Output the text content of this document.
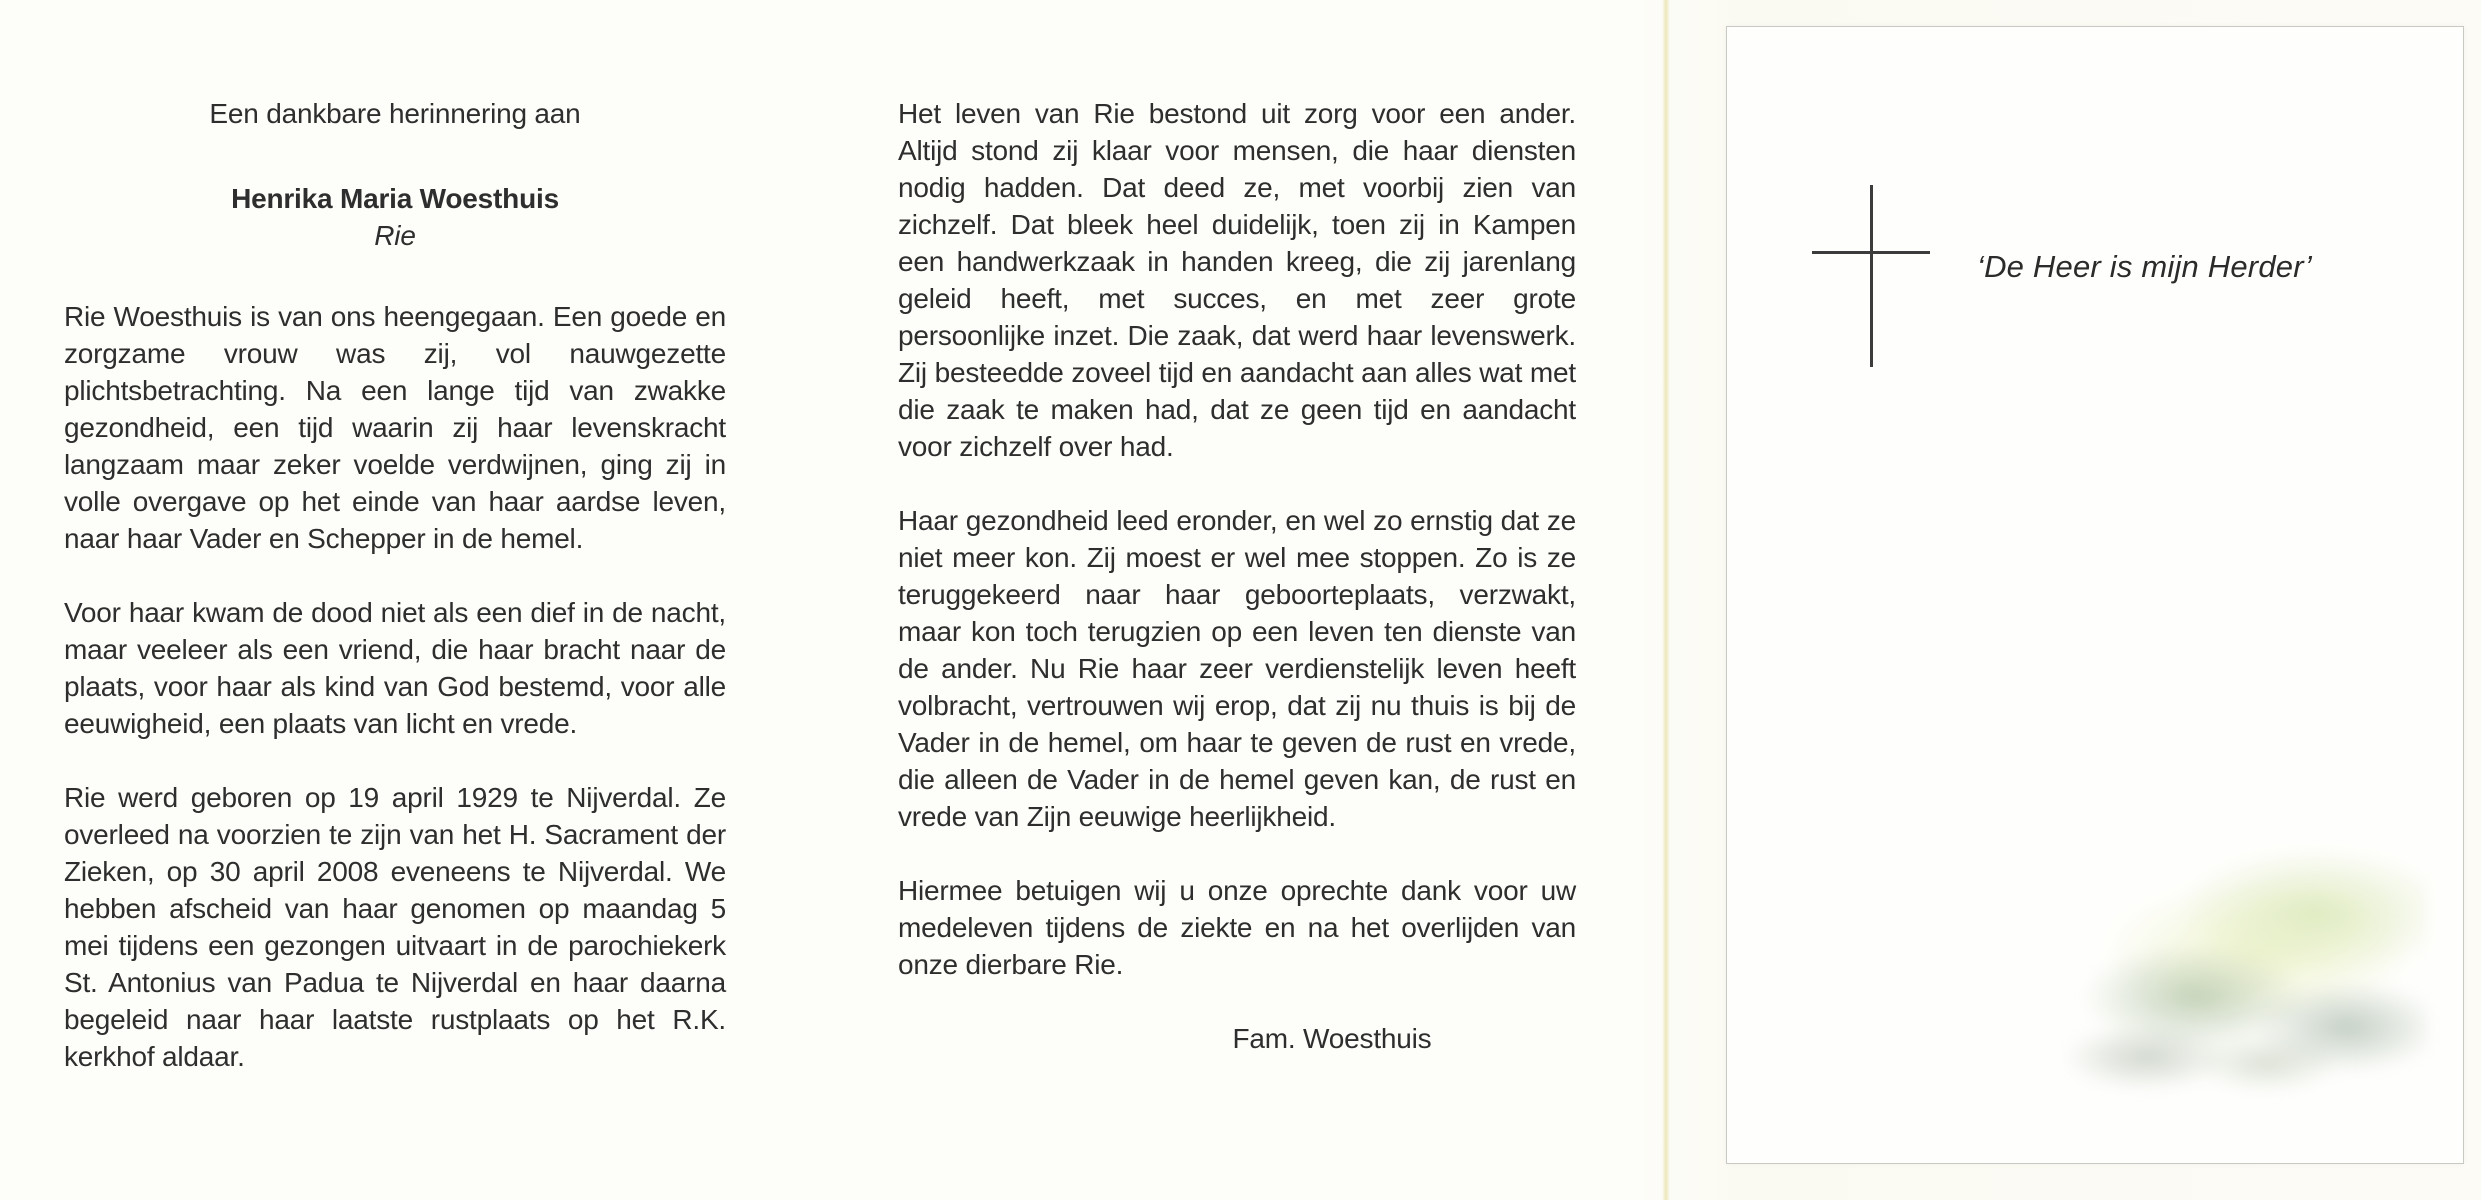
Een dankbare herinnering aan

Henrika Maria Woesthuis

Rie

Rie Woesthuis is van ons heengegaan. Een goede en zorgzame vrouw was zij, vol nauwgezette plichtsbetrachting. Na een lange tijd van zwakke gezondheid, een tijd waarin zij haar levenskracht langzaam maar zeker voelde verdwijnen, ging zij in volle overgave op het einde van haar aardse leven, naar haar Vader en Schepper in de hemel.

Voor haar kwam de dood niet als een dief in de nacht, maar veeleer als een vriend, die haar bracht naar de plaats, voor haar als kind van God bestemd, voor alle eeuwigheid, een plaats van licht en vrede.

Rie werd geboren op 19 april 1929 te Nijverdal. Ze overleed na voorzien te zijn van het H. Sacrament der Zieken, op 30 april 2008 eveneens te Nijverdal. We hebben afscheid van haar genomen op maandag 5 mei tijdens een gezongen uitvaart in de parochiekerk St. Antonius van Padua te Nijverdal en haar daarna begeleid naar haar laatste rustplaats op het R.K. kerkhof aldaar.

Het leven van Rie bestond uit zorg voor een ander. Altijd stond zij klaar voor mensen, die haar diensten nodig hadden. Dat deed ze, met voorbij zien van zichzelf. Dat bleek heel duidelijk, toen zij in Kampen een handwerkzaak in handen kreeg, die zij jarenlang geleid heeft, met succes, en met zeer grote persoonlijke inzet. Die zaak, dat werd haar levenswerk. Zij besteedde zoveel tijd en aandacht aan alles wat met die zaak te maken had, dat ze geen tijd en aandacht voor zichzelf over had.

Haar gezondheid leed eronder, en wel zo ernstig dat ze niet meer kon. Zij moest er wel mee stoppen. Zo is ze teruggekeerd naar haar geboorteplaats, verzwakt, maar kon toch terugzien op een leven ten dienste van de ander. Nu Rie haar zeer verdienstelijk leven heeft volbracht, vertrouwen wij erop, dat zij nu thuis is bij de Vader in de hemel, om haar te geven de rust en vrede, die alleen de Vader in de hemel geven kan, de rust en vrede van Zijn eeuwige heerlijkheid.

Hiermee betuigen wij u onze oprechte dank voor uw medeleven tijdens de ziekte en na het overlijden van onze dierbare Rie.

Fam. Woesthuis

‘De Heer is mijn Herder’
